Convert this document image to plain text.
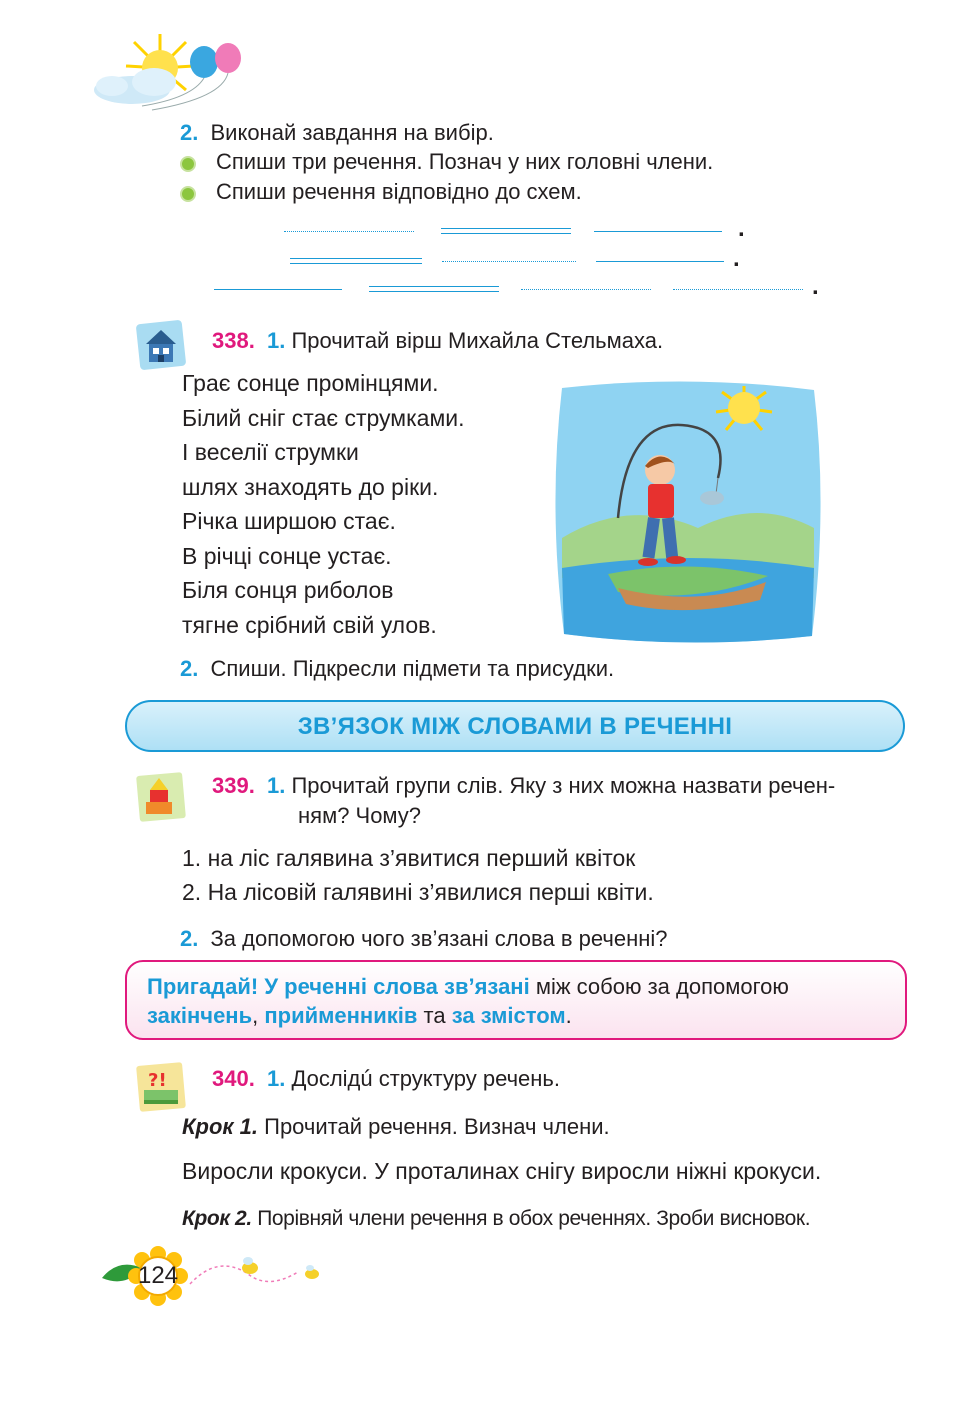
2. Виконай завдання на вибір.
Спиши три речення. Познач у них головні члени.
Спиши речення відповідно до схем.
.
.
.
338. 1. Прочитай вірш Михайла Стельмаха.
Грає сонце промінцями.
Білий сніг стає струмками.
І веселії струмки
шлях знаходять до ріки.
Річка ширшою стає.
В річці сонце устає.
Біля сонця риболов
тягне срібний свій улов.
2. Спиши. Підкресли підмети та присудки.
ЗВ’ЯЗОК МІЖ СЛОВАМИ В РЕЧЕННІ
339. 1. Прочитай групи слів. Яку з них можна назвати речен-
ням? Чому?
1. на ліс галявина з’явитися перший квіток
2. На лісовій галявині з’явилися перші квіти.
2. За допомогою чого зв’язані слова в реченні?
Пригадай! У реченні слова зв’язані між собою за допомогою
закінчень, прийменників та за змістом.
?! 340. 1. Дослідú структуру речень.
Крок 1. Прочитай речення. Визнач члени.
Виросли крокуси. У проталинах снігу виросли ніжні крокуси.
Крок 2. Порівняй члени речення в обох реченнях. Зроби висновок.
124
